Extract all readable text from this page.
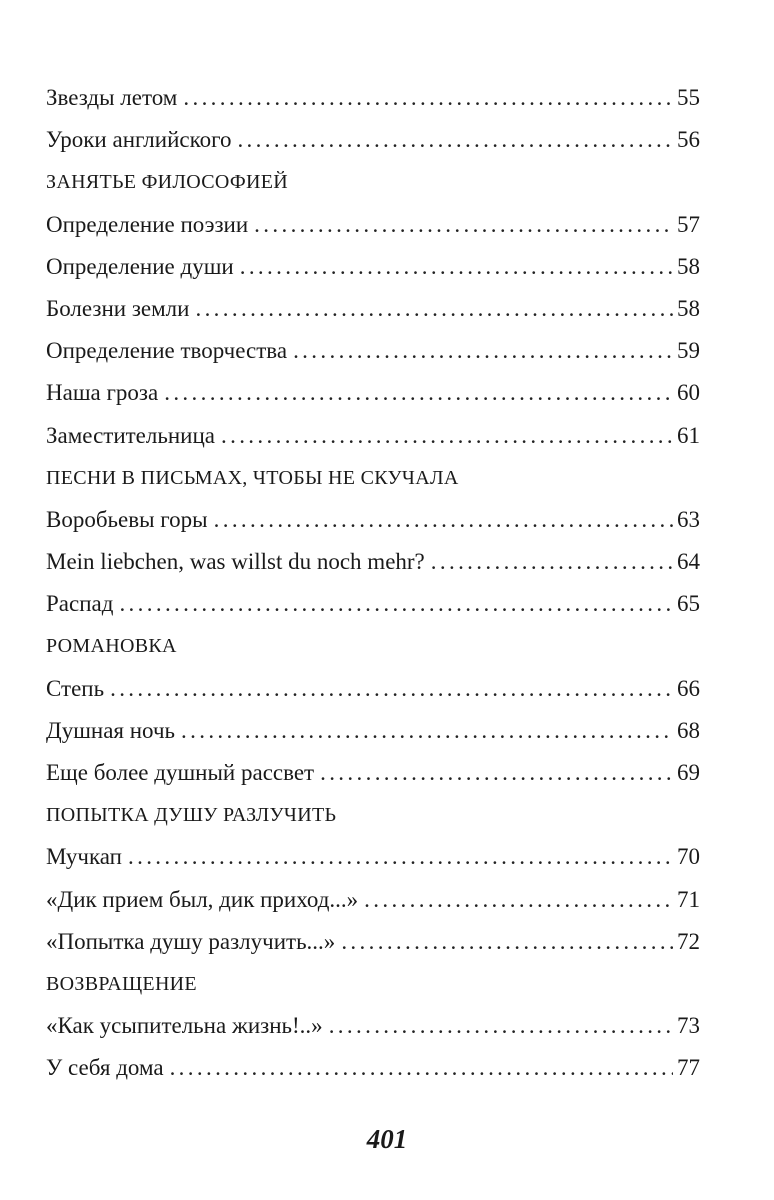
Звезды летом . . .	55
Уроки английского . . .	56
ЗАНЯТЬЕ ФИЛОСОФИЕЙ
Определение поэзии . . .	57
Определение души . . .	58
Болезни земли . . .	58
Определение творчества . . .	59
Наша гроза . . .	60
Заместительница . . .	61
ПЕСНИ В ПИСЬМАХ, ЧТОБЫ НЕ СКУЧАЛА
Воробьевы горы . . .	63
Mein liebchen, was willst du noch mehr? . . .	64
Распад . . .	65
РОМАНОВКА
Степь . . .	66
Душная ночь . . .	68
Еще более душный рассвет . . .	69
ПОПЫТКА ДУШУ РАЗЛУЧИТЬ
Мучкап . . .	70
«Дик прием был, дик приход...» . . .	71
«Попытка душу разлучить...» . . .	72
ВОЗВРАЩЕНИЕ
«Как усыпительна жизнь!..» . . .	73
У себя дома . . .	77
401
